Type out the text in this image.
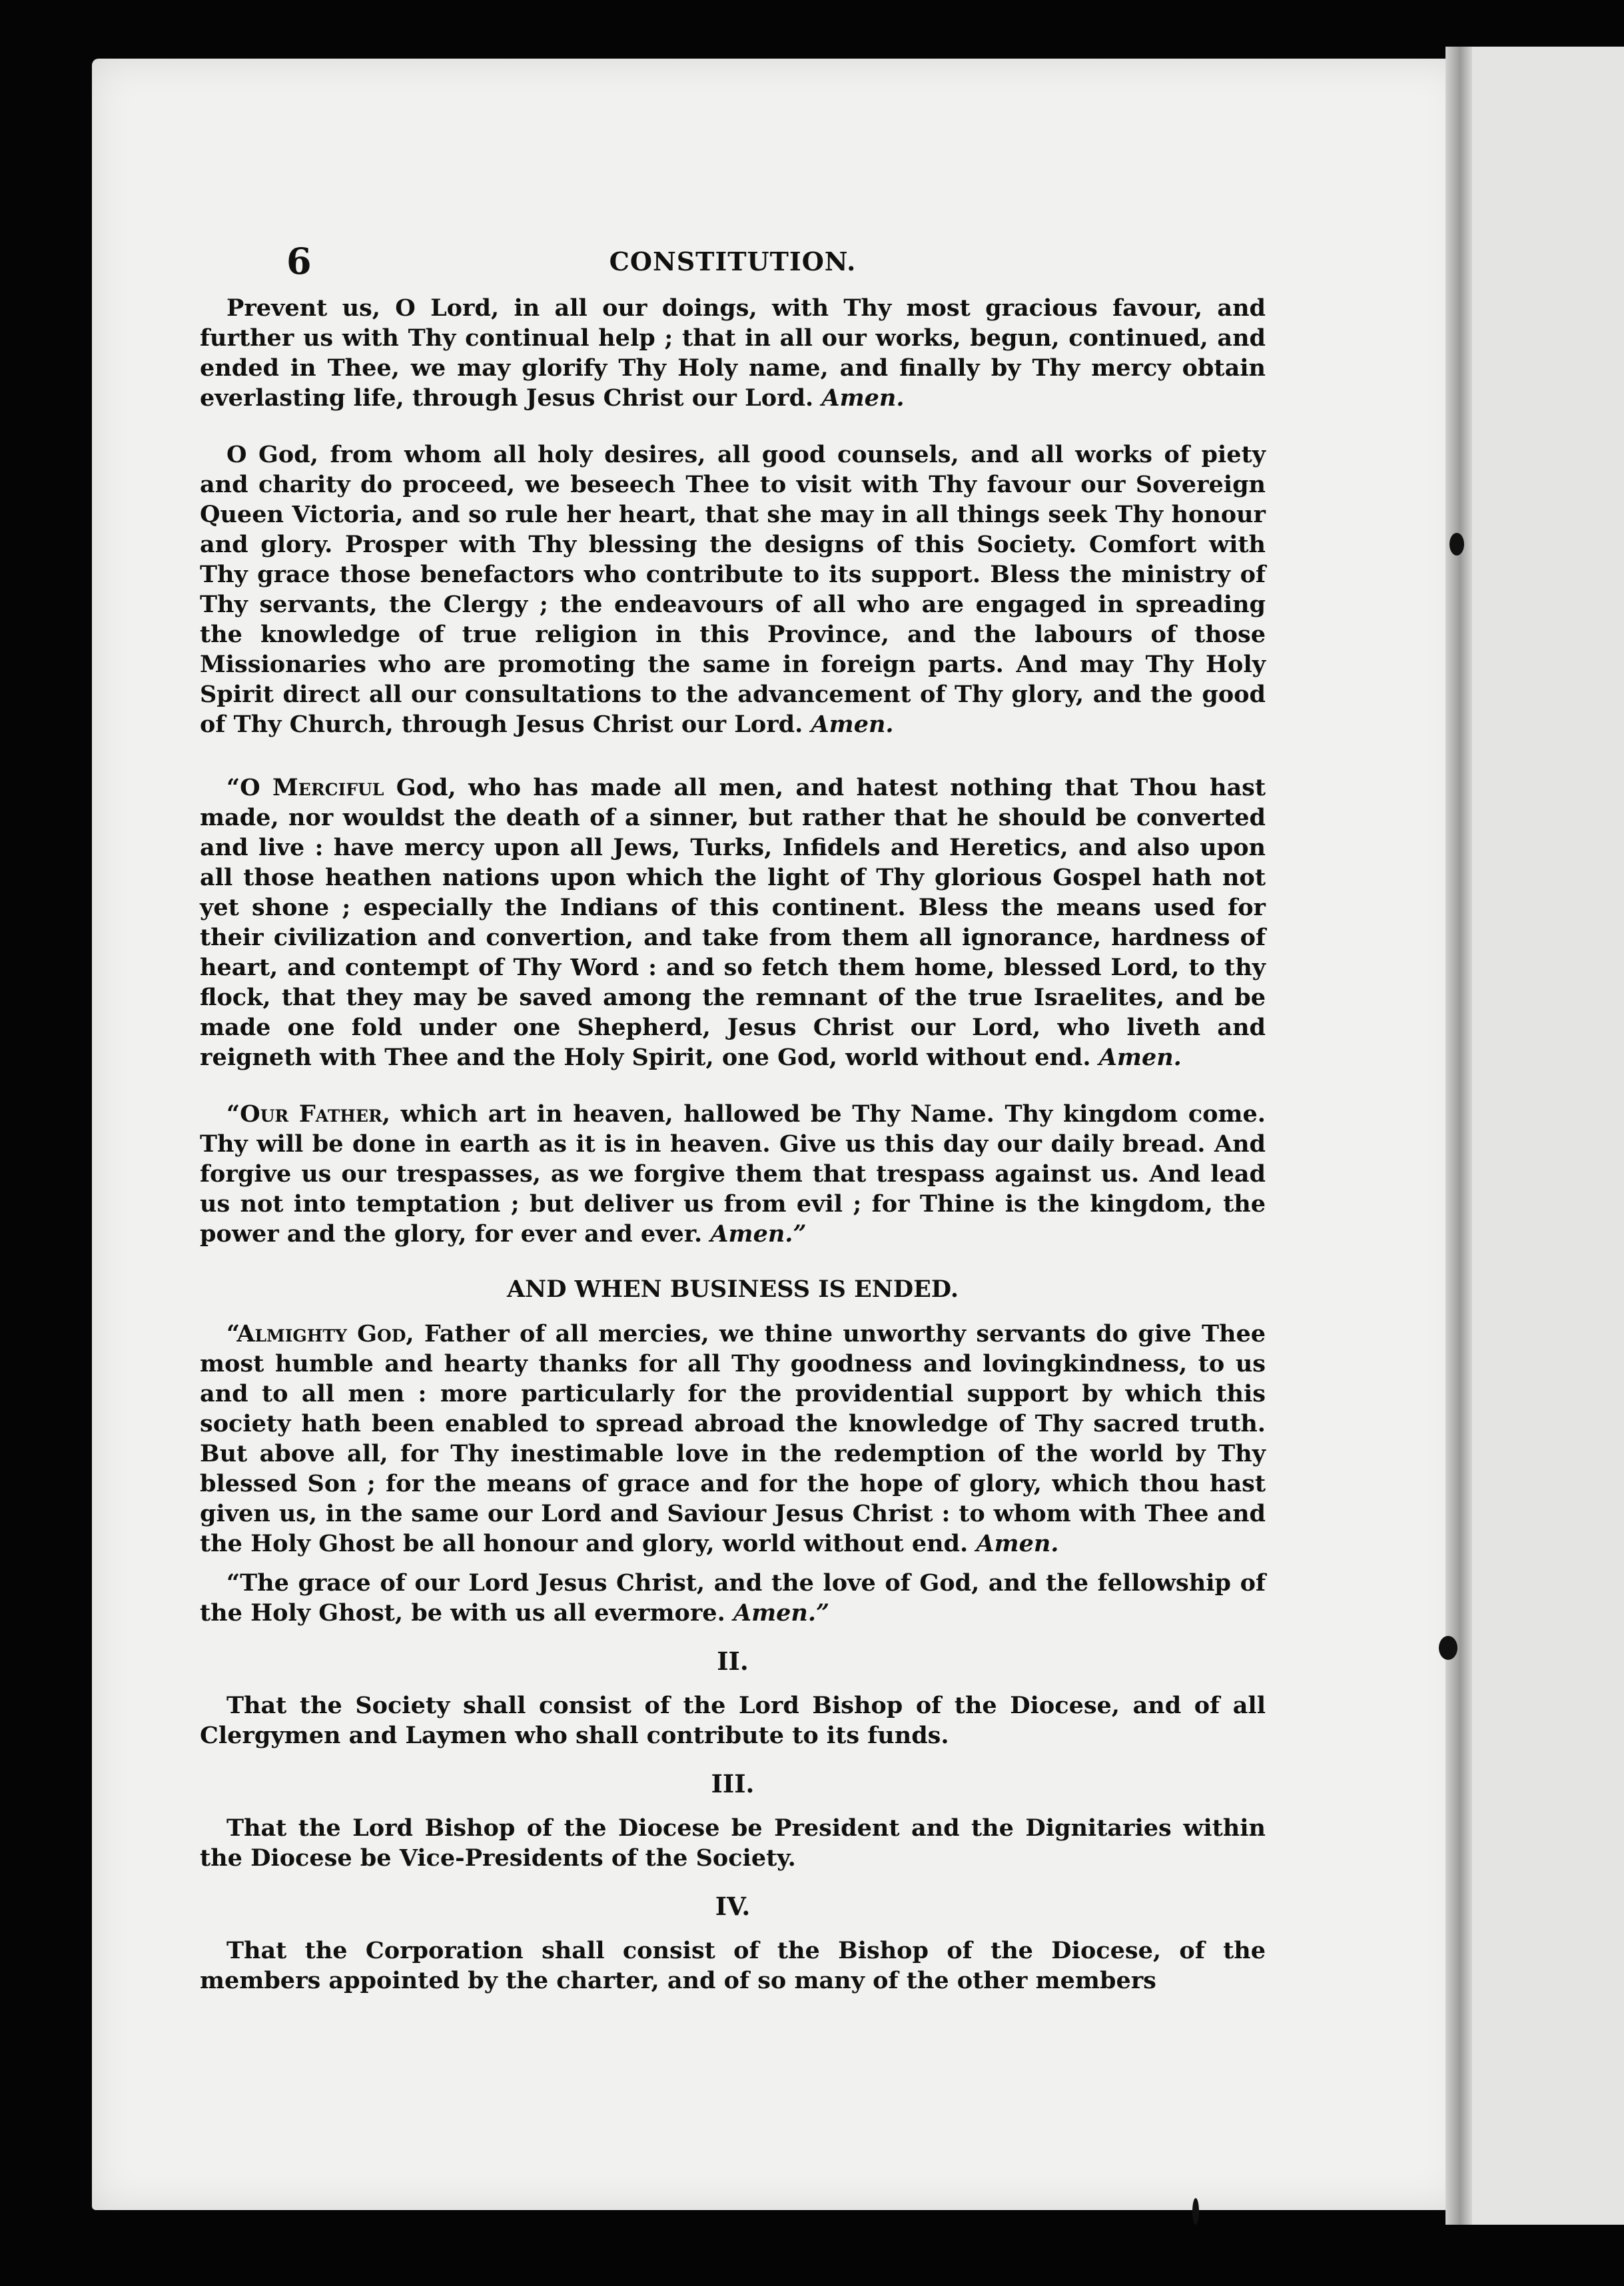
6	CONSTITUTION.

Prevent us, O Lord, in all our doings, with Thy most gracious favour, and further us with Thy continual help ; that in all our works, begun, continued, and ended in Thee, we may glorify Thy Holy name, and finally by Thy mercy obtain everlasting life, through Jesus Christ our Lord. Amen.

O God, from whom all holy desires, all good counsels, and all works of piety and charity do proceed, we beseech Thee to visit with Thy favour our Sovereign Queen Victoria, and so rule her heart, that she may in all things seek Thy honour and glory. Prosper with Thy blessing the designs of this Society. Comfort with Thy grace those benefactors who contribute to its support. Bless the ministry of Thy servants, the Clergy ; the endeavours of all who are engaged in spreading the knowledge of true religion in this Province, and the labours of those Missionaries who are promoting the same in foreign parts. And may Thy Holy Spirit direct all our consultations to the advancement of Thy glory, and the good of Thy Church, through Jesus Christ our Lord. Amen.

“O Merciful God, who has made all men, and hatest nothing that Thou hast made, nor wouldst the death of a sinner, but rather that he should be converted and live : have mercy upon all Jews, Turks, Infidels and Heretics, and also upon all those heathen nations upon which the light of Thy glorious Gospel hath not yet shone ; especially the Indians of this continent. Bless the means used for their civilization and convertion, and take from them all ignorance, hardness of heart, and contempt of Thy Word : and so fetch them home, blessed Lord, to thy flock, that they may be saved among the remnant of the true Israelites, and be made one fold under one Shepherd, Jesus Christ our Lord, who liveth and reigneth with Thee and the Holy Spirit, one God, world without end. Amen.

“Our Father, which art in heaven, hallowed be Thy Name. Thy kingdom come. Thy will be done in earth as it is in heaven. Give us this day our daily bread. And forgive us our trespasses, as we forgive them that trespass against us. And lead us not into temptation ; but deliver us from evil ; for Thine is the kingdom, the power and the glory, for ever and ever. Amen.”

AND WHEN BUSINESS IS ENDED.

“Almighty God, Father of all mercies, we thine unworthy servants do give Thee most humble and hearty thanks for all Thy goodness and lovingkindness, to us and to all men : more particularly for the providential support by which this society hath been enabled to spread abroad the knowledge of Thy sacred truth. But above all, for Thy inestimable love in the redemption of the world by Thy blessed Son ; for the means of grace and for the hope of glory, which thou hast given us, in the same our Lord and Saviour Jesus Christ : to whom with Thee and the Holy Ghost be all honour and glory, world without end. Amen.

“The grace of our Lord Jesus Christ, and the love of God, and the fellowship of the Holy Ghost, be with us all evermore. Amen.”

II.

That the Society shall consist of the Lord Bishop of the Diocese, and of all Clergymen and Laymen who shall contribute to its funds.

III.

That the Lord Bishop of the Diocese be President and the Dignitaries within the Diocese be Vice-Presidents of the Society.

IV.

That the Corporation shall consist of the Bishop of the Diocese, of the members appointed by the charter, and of so many of the other members
